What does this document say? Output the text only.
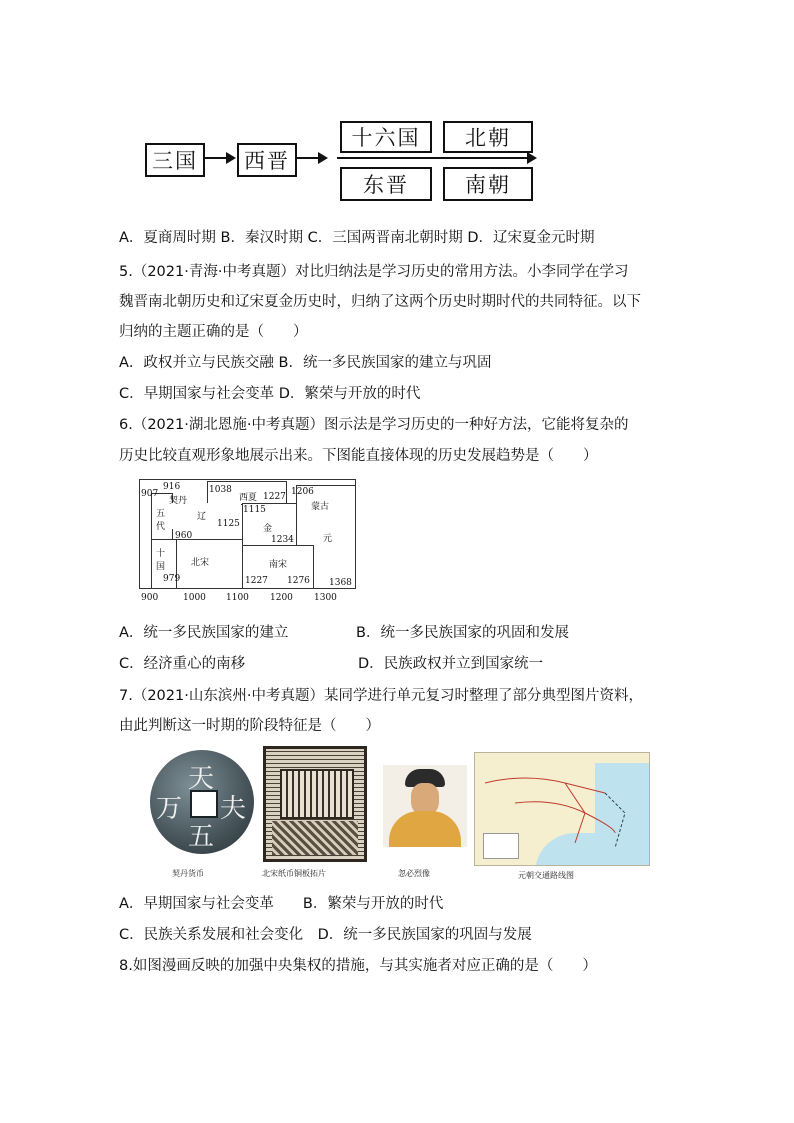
三国	西晋
十六国	北朝
东晋	南朝
A．夏商周时期 B．秦汉时期 C．三国两晋南北朝时期 D．辽宋夏金元时期
5.（2021·青海·中考真题）对比归纳法是学习历史的常用方法。小李同学在学习
魏晋南北朝历史和辽宋夏金历史时，归纳了这两个历史时期时代的共同特征。以下
归纳的主题正确的是（　　）
A．政权并立与民族交融 B．统一多民族国家的建立与巩固
C．早期国家与社会变革 D．繁荣与开放的时代
6.（2021·湖北恩施·中考真题）图示法是学习历史的一种好方法，它能将复杂的
历史比较直观形象地展示出来。下图能直接体现的历史发展趋势是（　　）
907
916
契丹
1038
西夏 1227 1206
蒙古
五
代
辽
1115
1125	金
元
960	1234
十
国	北宋	南宋
979	1227 1276 1368
900	1000 1100 1200 1300
A．统一多民族国家的建立	B．统一多民族国家的巩固和发展
C．经济重心的南移	D．民族政权并立到国家统一
7.（2021·山东滨州·中考真题）某同学进行单元复习时整理了部分典型图片资料，
由此判断这一时期的阶段特征是（　　）
天
夫
五
万
契丹货币	北宋纸币铜板拓片	忽必烈像	元朝交通路线图
A．早期国家与社会变革　　B．繁荣与开放的时代
C．民族关系发展和社会变化　D．统一多民族国家的巩固与发展
8.如图漫画反映的加强中央集权的措施，与其实施者对应正确的是（　　）
